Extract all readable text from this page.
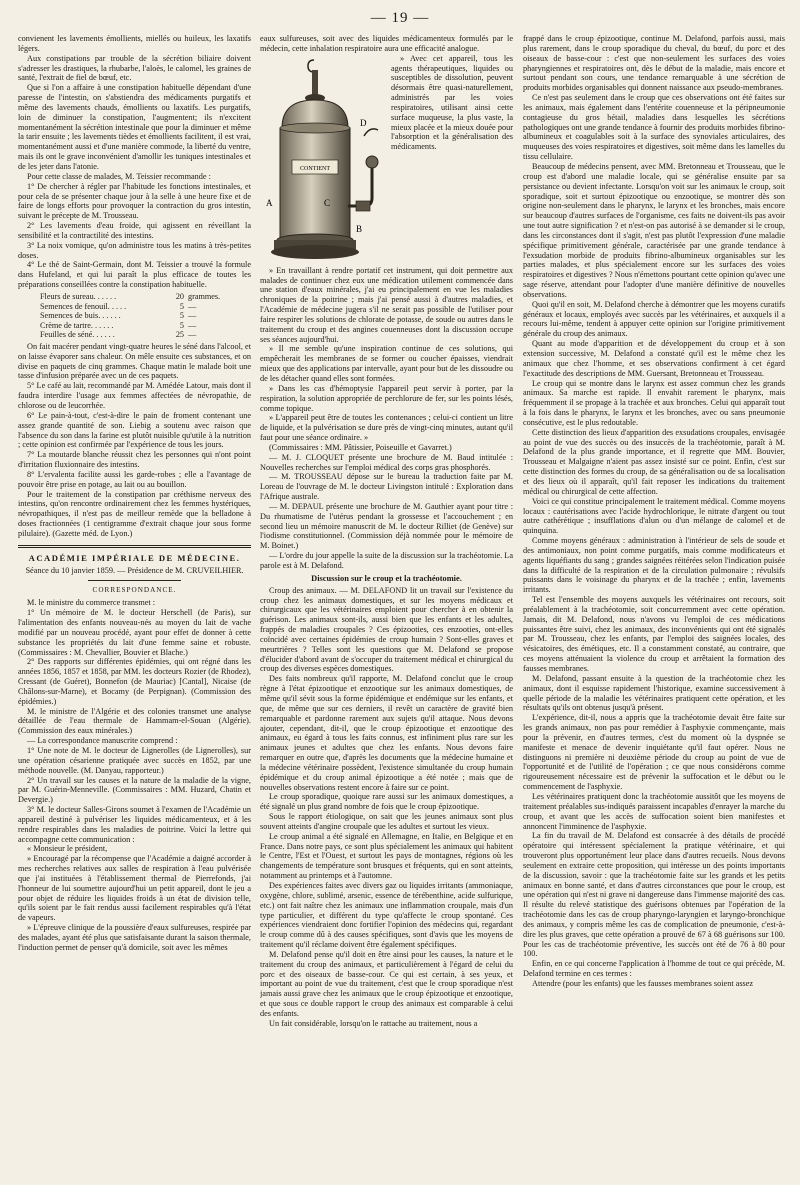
— 19 —

convienent les lavements émollients, miellés ou huileux, les laxatifs légers.

Aux constipations par trouble de la sécrétion biliaire doivent s'adresser les drastiques, la rhubarbe, l'aloès, le calomel, les graines de santé, l'extrait de fiel de bœuf, etc.

Que si l'on a affaire à une constipation habituelle dépendant d'une paresse de l'intestin, on s'abstiendra des médicaments purgatifs et même des lavements chauds, émollients ou laxatifs. Les purgatifs, loin de diminuer la constipation, l'augmentent; ils n'excitent momentanément la sécrétion intestinale que pour la diminuer et même la tarir ensuite ; les lavements tièdes et émollients facilitent, il est vrai, momentanément aussi et d'une manière commode, la liberté du ventre, mais ils ont le grave inconvénient d'amollir les tuniques intestinales et de les jeter dans l'atonie.

Pour cette classe de malades, M. Teissier recommande :

1° De chercher à régler par l'habitude les fonctions intestinales, et pour cela de se présenter chaque jour à la selle à une heure fixe et de faire de longs efforts pour provoquer la contraction du gros intestin, suivant le précepte de M. Trousseau.

2° Les lavements d'eau froide, qui agissent en réveillant la sensibilité et la contractilité des intestins.

3° La noix vomique, qu'on administre tous les matins à très-petites doses.

4° Le thé de Saint-Germain, dont M. Teissier a trouvé la formule dans Hufeland, et qui lui paraît la plus efficace de toutes les préparations conseillées contre la constipation habituelle.

Fleurs de sureau. . . . . .	20 grammes.
Semences de fenouil. . . . .	5 —
Semences de buis. . . . . .	5 —
Crème de tartre. . . . . .	5 —
Feuilles de séné. . . . . .	25 —

On fait macérer pendant vingt-quatre heures le séné dans l'alcool, et on laisse évaporer sans chaleur. On mêle ensuite ces substances, et on divise en paquets de cinq grammes. Chaque matin le malade boit une tasse d'infusion préparée avec un de ces paquets.

5° Le café au lait, recommandé par M. Amédée Latour, mais dont il faudra interdire l'usage aux femmes affectées de névropathie, de chlorose ou de leucorrhée.

6° Le pain-à-tout, c'est-à-dire le pain de froment contenant une assez grande quantité de son. Liebig a soutenu avec raison que l'absence du son dans la farine est plutôt nuisible qu'utile à la nutrition ; cette opinion est confirmée par l'expérience de tous les jours.

7° La moutarde blanche réussit chez les personnes qui n'ont point d'irritation fluxionnaire des intestins.

8° L'ervalenta facilite aussi les garde-robes ; elle a l'avantage de pouvoir être prise en potage, au lait ou au bouillon.

Pour le traitement de la constipation par créthisme nerveux des intestins, qu'on rencontre ordinairement chez les femmes hystériques, névropathiques, il n'est pas de meilleur remède que la belladone à doses fractionnées (1 centigramme d'extrait chaque jour sous forme pilulaire). (Gazette méd. de Lyon.)

ACADÉMIE IMPÉRIALE DE MÉDECINE.

Séance du 10 janvier 1859. — Présidence de M. CRUVEILHIER.

CORRESPONDANCE.

M. le ministre du commerce transmet :

1° Un mémoire de M. le docteur Herschell (de Paris), sur l'alimentation des enfants nouveau-nés au moyen du lait de vache modifié par un nouveau procédé, ayant pour effet de donner à cette substance les propriétés du lait d'une femme saine et robuste. (Commissaires : M. Chevallier, Bouvier et Blache.)

2° Des rapports sur différentes épidémies, qui ont régné dans les années 1856, 1857 et 1858, par MM. les docteurs Rozier (de Rhodez), Cressant (de Guéret), Bonnefon (de Mauriac) [Cantal], Nicaise (de Châlons-sur-Marne), et Bocamy (de Perpignan). (Commission des épidémies.)

M. le ministre de l'Algérie et des colonies transmet une analyse détaillée de l'eau thermale de Hammam-el-Souan (Algérie). (Commission des eaux minérales.)

— La correspondance manuscrite comprend :

1° Une note de M. le docteur de Lignerolles (de Lignerolles), sur une opération césarienne pratiquée avec succès en 1852, par une méthode nouvelle. (M. Danyau, rapporteur.)

2° Un travail sur les causes et la nature de la maladie de la vigne, par M. Guérin-Menneville. (Commissaires : MM. Huzard, Chatin et Devergie.)

3° M. le docteur Salles-Girons soumet à l'examen de l'Académie un appareil destiné à pulvériser les liquides médicamenteux, et à les rendre respirables dans les maladies de poitrine. Voici la lettre qui accompagne cette communication :

« Monsieur le président,

» Encouragé par la récompense que l'Académie a daigné accorder à mes recherches relatives aux salles de respiration à l'eau pulvérisée que j'ai instituées à l'établissement thermal de Pierrefonds, j'ai l'honneur de lui soumettre aujourd'hui un petit appareil, dont le jeu a pour objet de réduire les liquides froids à un état de division telle, qu'ils soient par le fait rendus aussi facilement respirables qu'à l'état de vapeurs.

» L'épreuve clinique de la poussière d'eaux sulfureuses, respirée par des malades, ayant été plus que satisfaisante durant la saison thermale, l'induction permet de penser qu'à domicile, soit avec les mêmes

eaux sulfureuses, soit avec des liquides médicamenteux formulés par le médecin, cette inhalation respiratoire aura une efficacité analogue.

CONTIENT
A
B
C
D

» Avec cet appareil, tous les agents thérapeutiques, liquides ou susceptibles de dissolution, peuvent désormais être quasi-naturellement, administrés par les voies respiratoires, utilisant ainsi cette surface muqueuse, la plus vaste, la mieux placée et la mieux douée pour l'absorption et la généralisation des médicaments.

» En travaillant à rendre portatif cet instrument, qui doit permettre aux malades de continuer chez eux une médication utilement commencée dans une station d'eaux minérales, j'ai eu principalement en vue les maladies chroniques de la poitrine ; mais j'ai pensé aussi à d'autres maladies, et l'Académie de médecine jugera s'il ne serait pas possible de l'utiliser pour faire respirer les solutions de chlorate de potasse, de soude ou autres dans le traitement du croup et des angines couenneuses dont la discussion occupe ses séances aujourd'hui.

» Il me semble qu'une inspiration continue de ces solutions, qui empêcherait les membranes de se former ou coucher épaisses, viendrait mieux que des applications par intervalle, ayant pour but de les dissoudre ou de les détacher quand elles sont formées.

» Dans les cas d'hémoptysie l'appareil peut servir à porter, par la respiration, la solution appropriée de perchlorure de fer, sur les points lésés, comme topique.

» L'appareil peut être de toutes les contenances ; celui-ci contient un litre de liquide, et la pulvérisation se dure près de vingt-cinq minutes, autant qu'il faut pour une séance ordinaire. »

(Commissaires : MM. Pâtissier, Poiseuille et Gavarret.)

— M. J. CLOQUET présente une brochure de M. Baud intitulée : Nouvelles recherches sur l'emploi médical des corps gras phosphorés.

— M. TROUSSEAU dépose sur le bureau la traduction faite par M. Loreau de l'ouvrage de M. le docteur Livingston intitulé : Exploration dans l'Afrique australe.

— M. DEPAUL présente une brochure de M. Gauthier ayant pour titre : Du rhumatisme de l'utérus pendant la grossesse et l'accouchement ; en second lieu un mémoire manuscrit de M. le docteur Rilliet (de Genève) sur l'iodisme constitutionnel. (Commission déjà nommée pour le mémoire de M. Boinet.)

— L'ordre du jour appelle la suite de la discussion sur la trachéotomie. La parole est à M. Delafond.

Discussion sur le croup et la trachéotomie.

Croup des animaux. — M. DELAFOND lit un travail sur l'existence du croup chez les animaux domestiques, et sur les moyens médicaux et chirurgicaux que les vétérinaires emploient pour chercher à en obtenir la guérison. Les animaux sont-ils, aussi bien que les enfants et les adultes, frappés de maladies croupales ? Ces épizooties, ces enzooties, ont-elles coïncidé avec certaines épidémies de croup humain ? Sont-elles graves et meurtrières ? Telles sont les questions que M. Delafond se propose d'élucider d'abord avant de s'occuper du traitement médical et chirurgical du croup des diverses espèces domestiques.

Des faits nombreux qu'il rapporte, M. Delafond conclut que le croup règne à l'état épizootique et enzootique sur les animaux domestiques, de même qu'il sévit sous la forme épidémique et endémique sur les enfants, et que, de même que sur ces derniers, il revêt un caractère de gravité bien remarquable et pardonne rarement aux sujets qu'il attaque. Nous devons ajouter, cependant, dit-il, que le croup épizootique et enzootique des animaux, eu égard à tous les faits connus, est infiniment plus rare sur les animaux jeunes et adultes que chez les enfants. Nous devons faire remarquer en outre que, d'après les documents que la médecine humaine et la médecine vétérinaire possèdent, l'existence simultanée du croup humain épidémique et du croup animal épizootique a été notée ; mais que de nouvelles observations restent encore à faire sur ce point.

Le croup sporadique, quoique rare aussi sur les animaux domestiques, a été signalé un plus grand nombre de fois que le croup épizootique.

Sous le rapport étiologique, on sait que les jeunes animaux sont plus souvent atteints d'angine croupale que les adultes et surtout les vieux.

Le croup animal a été signalé en Allemagne, en Italie, en Belgique et en France. Dans notre pays, ce sont plus spécialement les animaux qui habitent le Centre, l'Est et l'Ouest, et surtout les pays de montagnes, régions où les changements de température sont brusques et fréquents, qui en sont atteints, notamment au printemps et à l'automne.

Des expériences faites avec divers gaz ou liquides irritants (ammoniaque, oxygène, chlore, sublimé, arsenic, essence de térébenthine, acide sulfurique, etc.) ont fait naître chez les animaux une inflammation croupale, mais d'un type particulier, et différent du type qu'affecte le croup spontané. Ces expériences viendraient donc fortifier l'opinion des médecins qui, regardant le croup comme dû à des causes spécifiques, sont d'avis que les moyens de traitement qu'il réclame doivent être également spécifiques.

M. Delafond pense qu'il doit en être ainsi pour les causes, la nature et le traitement du croup des animaux, et particulièrement à l'égard de celui du porc et des oiseaux de basse-cour. Ce qui est certain, à ses yeux, et important au point de vue du traitement, c'est que le croup sporadique n'est jamais aussi grave chez les animaux que le croup épizootique et enzootique, et que sous ce double rapport le croup des animaux est comparable à celui des enfants.

Un fait considérable, lorsqu'on le rattache au traitement, nous a

frappé dans le croup épizootique, continue M. Delafond, parfois aussi, mais plus rarement, dans le croup sporadique du cheval, du bœuf, du porc et des oiseaux de basse-cour : c'est que non-seulement les surfaces des voies pharyngiennes et respiratoires ont, dès le début de la maladie, mais encore et surtout pendant son cours, une tendance remarquable à une sécrétion de produits morbides organisables qui donnent naissance aux pseudo-membranes.

Ce n'est pas seulement dans le croup que ces observations ont été faites sur les animaux, mais également dans l'entérite couenneuse et la péripneumonie contagieuse du gros bétail, maladies dans lesquelles les sécrétions pathologiques ont une grande tendance à fournir des produits morbides fibrino-albumineux et coagulables soit à la surface des synoviales articulaires, des muqueuses des voies respiratoires et digestives, soit même dans les lamelles du tissu cellulaire.

Beaucoup de médecins pensent, avec MM. Bretonneau et Trousseau, que le croup est d'abord une maladie locale, qui se généralise ensuite par sa persistance ou devient infectante. Lorsqu'on voit sur les animaux le croup, soit sporadique, soit et surtout épizootique ou enzootique, se montrer dès son origine non-seulement dans le pharynx, le larynx et les bronches, mais encore sur beaucoup d'autres surfaces de l'organisme, ces faits ne doivent-ils pas avoir une tout autre signification ? et n'est-on pas autorisé à se demander si le croup, dans les circonstances dont il s'agit, n'est pas plutôt l'expression d'une maladie spécifique primitivement générale, caractérisée par une grande tendance à l'exsudation morbide de produits fibrino-albumineux organisables sur les parties malades, et plus spécialement encore sur les surfaces des voies respiratoires et digestives ? Nous n'émettons pourtant cette opinion qu'avec une sage réserve, attendant pour l'adopter d'une manière définitive de nouvelles observations.

Quoi qu'il en soit, M. Delafond cherche à démontrer que les moyens curatifs généraux et locaux, employés avec succès par les vétérinaires, et auxquels il a recours lui-même, tendent à appuyer cette opinion sur l'origine primitivement générale du croup des animaux.

Quant au mode d'apparition et de développement du croup et à son extension successive, M. Delafond a constaté qu'il est le même chez les animaux que chez l'homme, et ses observations confirment à cet égard l'exactitude des descriptions de MM. Guersant, Bretonneau et Trousseau.

Le croup qui se montre dans le larynx est assez commun chez les grands animaux. Sa marche est rapide. Il envahit rarement le pharynx, mais fréquemment il se propage à la trachée et aux bronches. Celui qui apparaît tout à la fois dans le pharynx, le larynx et les bronches, avec ou sans pneumonie consécutive, est le plus redoutable.

Cette distinction des lieux d'apparition des exsudations croupales, envisagée au point de vue des succès ou des insuccès de la trachéotomie, paraît à M. Delafond de la plus grande importance, et il regrette que MM. Bouvier, Trousseau et Malgaigne n'aient pas assez insisté sur ce point. Enfin, c'est sur cette distinction des formes du croup, de sa généralisation ou de sa localisation et des lieux où il apparaît, qu'il fait reposer les indications du traitement médical ou chirurgical de cette affection.

Voici ce qui constitue principalement le traitement médical. Comme moyens locaux : cautérisations avec l'acide hydrochlorique, le nitrate d'argent ou tout autre cathérétique ; insufflations d'alun ou d'un mélange de calomel et de quinquina.

Comme moyens généraux : administration à l'intérieur de sels de soude et des antimoniaux, non point comme purgatifs, mais comme modificateurs et agents liquéfiants du sang ; grandes saignées réitérées selon l'indication puisée dans la difficulté de la respiration et de la circulation pulmonaire ; révulsifs puissants dans le voisinage du pharynx et de la trachée ; enfin, lavements irritants.

Tel est l'ensemble des moyens auxquels les vétérinaires ont recours, soit préalablement à la trachéotomie, soit concurremment avec cette opération. Jamais, dit M. Delafond, nous n'avons vu l'emploi de ces médications puissantes être suivi, chez les animaux, des inconvénients qui ont été signalés par M. Trousseau, chez les enfants, par l'emploi des saignées locales, des vésicatoires, des émétiques, etc. Il a constamment constaté, au contraire, que ces moyens atténuaient la violence du croup et arrêtaient la formation des fausses membranes.

M. Delafond, passant ensuite à la question de la trachéotomie chez les animaux, dont il esquisse rapidement l'historique, examine successivement à quelle période de la maladie les vétérinaires pratiquent cette opération, et les résultats qu'ils ont obtenus jusqu'à présent.

L'expérience, dit-il, nous a appris que la trachéotomie devait être faite sur les grands animaux, non pas pour remédier à l'asphyxie commençante, mais pour la prévenir, en d'autres termes, c'est du moment où la dyspnée se manifeste et menace de devenir inquiétante qu'il faut opérer. Nous ne distinguons ni première ni deuxième période du croup au point de vue de l'opportunité et de l'utilité de l'opération ; ce que nous considérons comme rigoureusement nécessaire est de prévenir la suffocation et le début ou le commencement de l'asphyxie.

Les vétérinaires pratiquent donc la trachéotomie aussitôt que les moyens de traitement préalables sus-indiqués paraissent incapables d'enrayer la marche du croup, et avant que les accès de suffocation soient bien manifestes et annoncent l'imminence de l'asphyxie.

La fin du travail de M. Delafond est consacrée à des détails de procédé opératoire qui intéressent spécialement la pratique vétérinaire, et qui trouveront plus opportunément leur place dans d'autres recueils. Nous devons seulement en extraire cette proposition, qui intéresse un des points importants de la discussion, savoir : que la trachéotomie faite sur les grands et les petits animaux en bonne santé, et dans d'autres circonstances que pour le croup, est une opération qui n'est ni grave ni dangereuse dans l'immense majorité des cas. Il résulte du relevé statistique des guérisons obtenues par l'opération de la trachéotomie dans les cas de croup pharyngo-laryngien et laryngo-bronchique des animaux, y compris même les cas de complication de pneumonie, c'est-à-dire les plus graves, que cette opération a prouvé de 67 à 68 guérisons sur 100. Pour les cas de trachéotomie préventive, les succès ont été de 76 à 80 pour 100.

Enfin, en ce qui concerne l'application à l'homme de tout ce qui précède, M. Delafond termine en ces termes :

Attendre (pour les enfants) que les fausses membranes soient assez
